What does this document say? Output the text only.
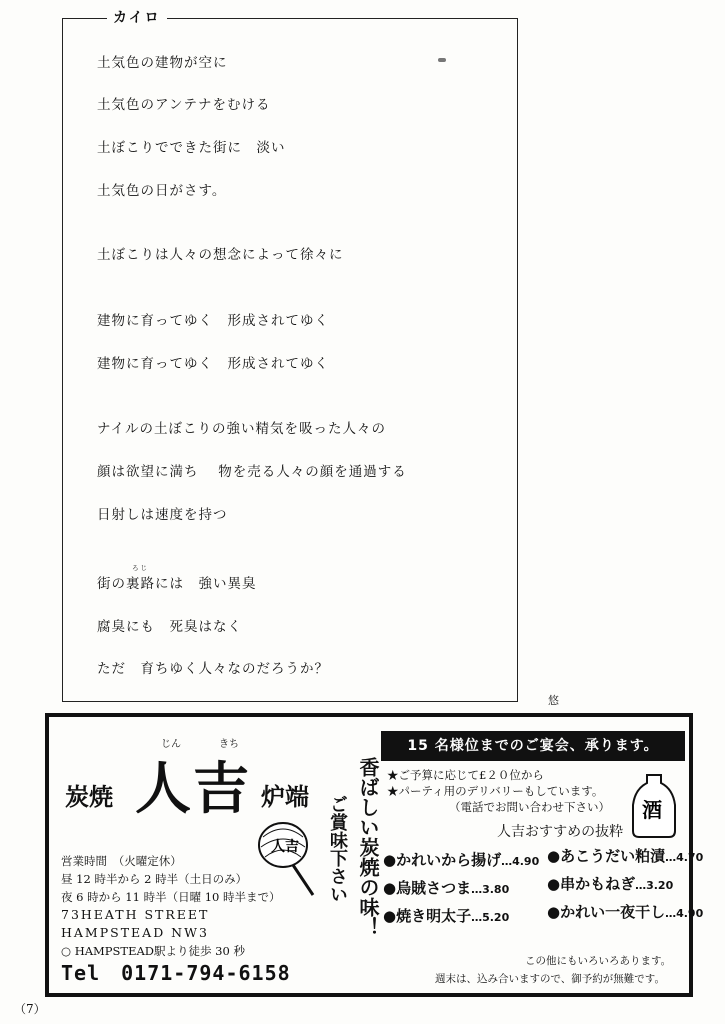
カイロ
土気色の建物が空に
土気色のアンテナをむける
土ぼこりでできた街に　淡い
土気色の日がさす。
土ぼこりは人々の想念によって徐々に
建物に育ってゆく　形成されてゆく
建物に育ってゆく　形成されてゆく
ナイルの土ぼこりの強い精気を吸った人々の
顔は欲望に満ち　 物を売る人々の顔を通過する
日射しは速度を持つ
街の
ろじ
裏路には　 強い異臭
腐臭にも　死臭はなく
ただ　育ちゆく人々なのだろうか？
悠
じん	きち
炭焼 人吉 炉端
人吉
営業時間　（火曜定休）
昼 12 時半から 2 時半（土日のみ）
夜 6 時から 11 時半（日曜 10 時半まで）
73HEATH STREET
HAMPSTEAD NW3
○ HAMPSTEAD駅より徒歩 30 秒
Tel　0171-794-6158
香ばしい炭焼の味！
ご賞味下さい
15 名様位までのご宴会、承ります。
★ご予算に応じて£２０位から
★パーティ用のデリバリーもしています。
（電話でお問い合わせ下さい） 酒
人吉おすすめの抜粋
●かれいから揚げ…4.90
●烏賊さつま…3.80
●焼き明太子…5.20
●あこうだい粕漬…4.70
●串かもねぎ…3.20
●かれい一夜干し…4.90
この他にもいろいろあります。
週末は、込み合いますので、御予約が無難です。
（7）
